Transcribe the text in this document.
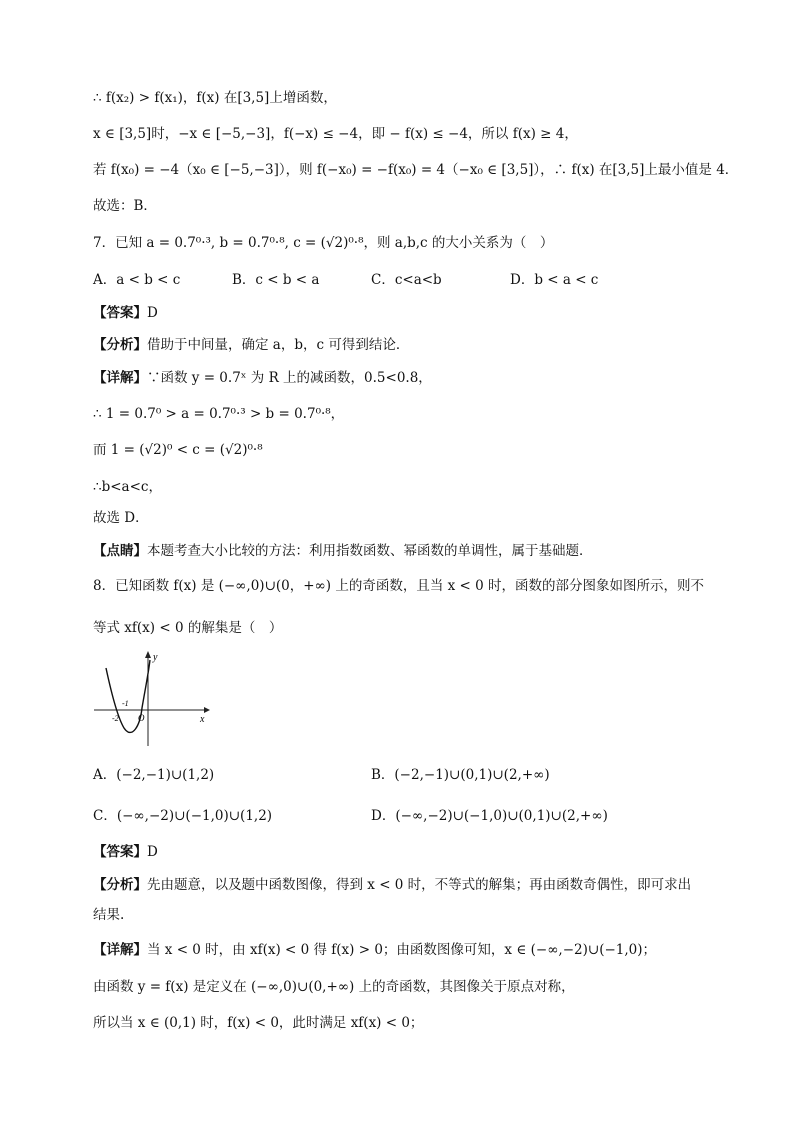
∴ f(x₂) > f(x₁)，f(x) 在[3,5]上增函数，
x ∈ [3,5]时，−x ∈ [−5,−3]，f(−x) ≤ −4，即 − f(x) ≤ −4，所以 f(x) ≥ 4，
若 f(x₀) = −4（x₀ ∈ [−5,−3]），则 f(−x₀) = −f(x₀) = 4（−x₀ ∈ [3,5]），∴ f(x) 在[3,5]上最小值是 4．
故选：B．
7．已知 a = 0.7⁰·³, b = 0.7⁰·⁸, c = (√2)⁰·⁸，则 a,b,c 的大小关系为（　）
A．a < b < c	B．c < b < a	C．c<a<b	D．b < a < c
【答案】D
【分析】借助于中间量，确定 a，b，c 可得到结论．
【详解】∵函数 y = 0.7ˣ 为 R 上的减函数，0.5<0.8，
∴ 1 = 0.7⁰ > a = 0.7⁰·³ > b = 0.7⁰·⁸，
而 1 = (√2)⁰ < c = (√2)⁰·⁸
∴b<a<c，
故选 D．
【点睛】本题考查大小比较的方法：利用指数函数、幂函数的单调性，属于基础题．
8．已知函数 f(x) 是 (−∞,0)∪(0，+∞) 上的奇函数，且当 x < 0 时，函数的部分图象如图所示，则不
等式 xf(x) < 0 的解集是（　）
y
x
O
-1
-2
A．(−2,−1)∪(1,2)	B．(−2,−1)∪(0,1)∪(2,+∞)
C．(−∞,−2)∪(−1,0)∪(1,2)	D．(−∞,−2)∪(−1,0)∪(0,1)∪(2,+∞)
【答案】D
【分析】先由题意，以及题中函数图像，得到 x < 0 时，不等式的解集；再由函数奇偶性，即可求出
结果.
【详解】当 x < 0 时，由 xf(x) < 0 得 f(x) > 0；由函数图像可知，x ∈ (−∞,−2)∪(−1,0)；
由函数 y = f(x) 是定义在 (−∞,0)∪(0,+∞) 上的奇函数，其图像关于原点对称，
所以当 x ∈ (0,1) 时，f(x) < 0，此时满足 xf(x) < 0；
